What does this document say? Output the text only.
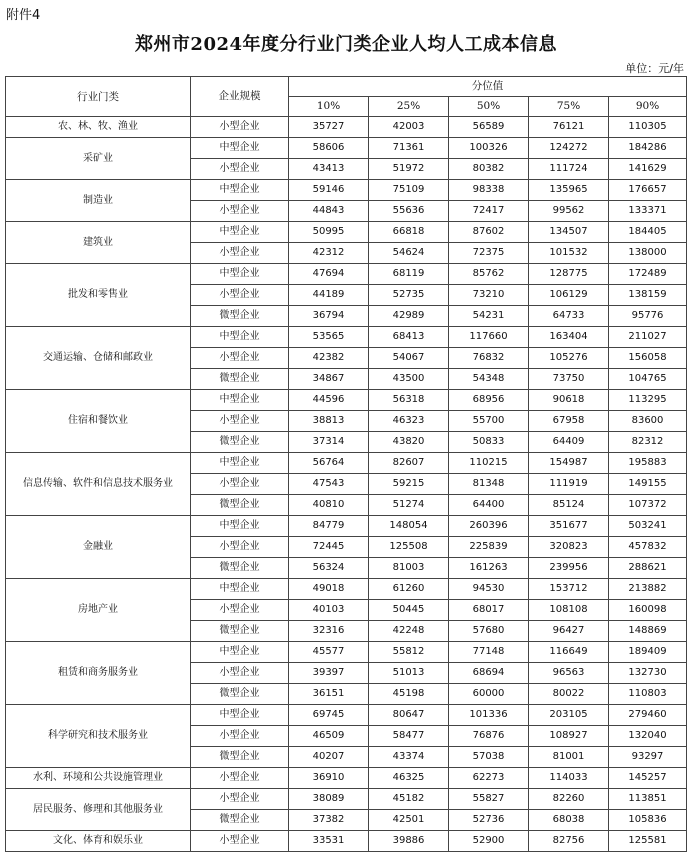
附件4
郑州市2024年度分行业门类企业人均人工成本信息
单位：元/年
行业门类	企业规模	分位值				
		10%	25%	50%	75%	90%
农、林、牧、渔业	小型企业	35727	42003	56589	76121	110305
采矿业	中型企业	58606	71361	100326	124272	184286
	小型企业	43413	51972	80382	111724	141629
制造业	中型企业	59146	75109	98338	135965	176657
	小型企业	44843	55636	72417	99562	133371
建筑业	中型企业	50995	66818	87602	134507	184405
	小型企业	42312	54624	72375	101532	138000
批发和零售业	中型企业	47694	68119	85762	128775	172489
	小型企业	44189	52735	73210	106129	138159
	微型企业	36794	42989	54231	64733	95776
交通运输、仓储和邮政业	中型企业	53565	68413	117660	163404	211027
	小型企业	42382	54067	76832	105276	156058
	微型企业	34867	43500	54348	73750	104765
住宿和餐饮业	中型企业	44596	56318	68956	90618	113295
	小型企业	38813	46323	55700	67958	83600
	微型企业	37314	43820	50833	64409	82312
信息传输、软件和信息技术服务业	中型企业	56764	82607	110215	154987	195883
	小型企业	47543	59215	81348	111919	149155
	微型企业	40810	51274	64400	85124	107372
金融业	中型企业	84779	148054	260396	351677	503241
	小型企业	72445	125508	225839	320823	457832
	微型企业	56324	81003	161263	239956	288621
房地产业	中型企业	49018	61260	94530	153712	213882
	小型企业	40103	50445	68017	108108	160098
	微型企业	32316	42248	57680	96427	148869
租赁和商务服务业	中型企业	45577	55812	77148	116649	189409
	小型企业	39397	51013	68694	96563	132730
	微型企业	36151	45198	60000	80022	110803
科学研究和技术服务业	中型企业	69745	80647	101336	203105	279460
	小型企业	46509	58477	76876	108927	132040
	微型企业	40207	43374	57038	81001	93297
水利、环境和公共设施管理业	小型企业	36910	46325	62273	114033	145257
居民服务、修理和其他服务业	小型企业	38089	45182	55827	82260	113851
	微型企业	37382	42501	52736	68038	105836
文化、体育和娱乐业	小型企业	33531	39886	52900	82756	125581
